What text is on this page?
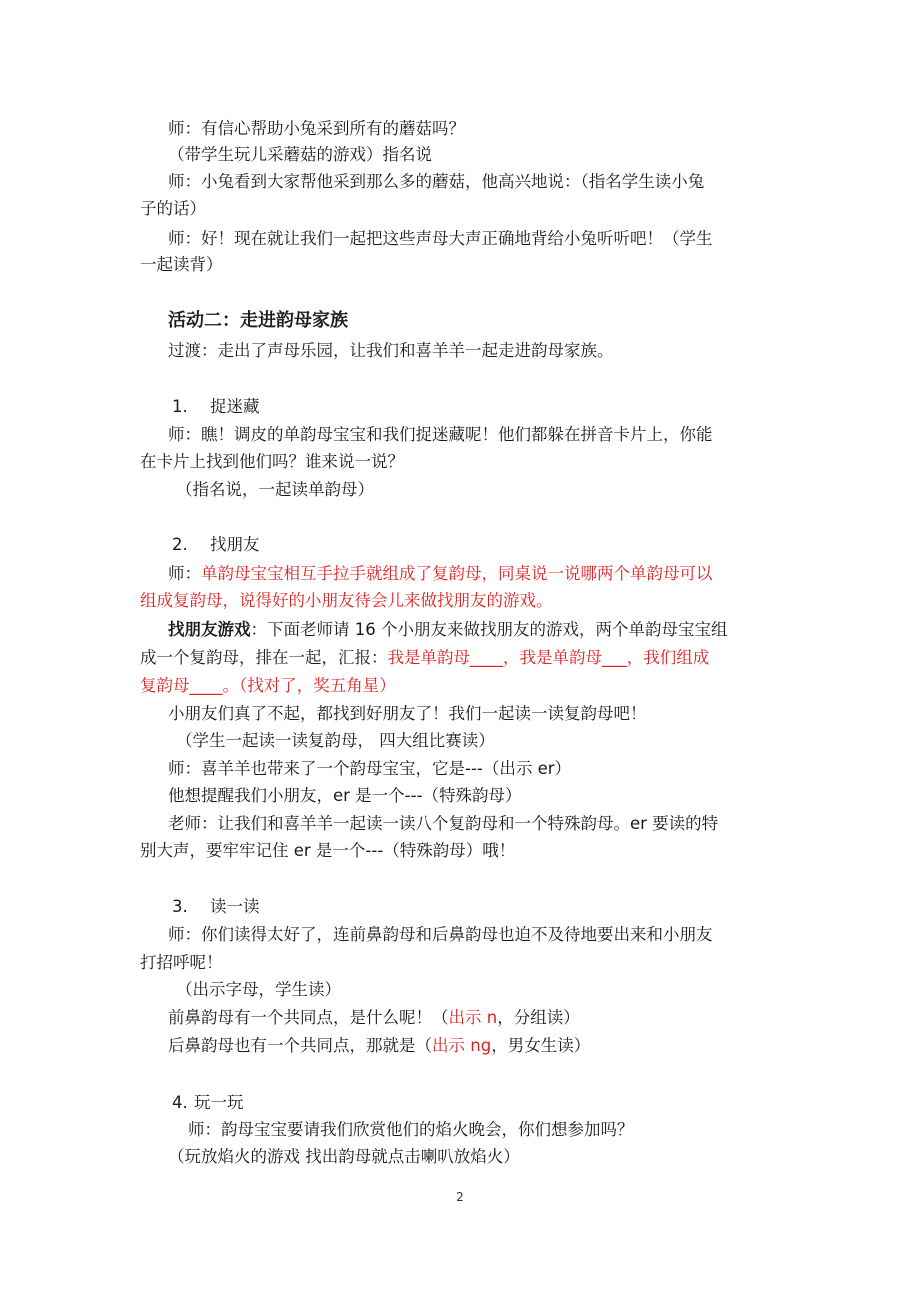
师：有信心帮助小兔采到所有的蘑菇吗？
（带学生玩儿采蘑菇的游戏）指名说
师：小兔看到大家帮他采到那么多的蘑菇，他高兴地说：（指名学生读小兔
子的话）
师：好！现在就让我们一起把这些声母大声正确地背给小兔听听吧！（学生
一起读背）
活动二：走进韵母家族
过渡：走出了声母乐园，让我们和喜羊羊一起走进韵母家族。
1. 捉迷藏
师：瞧！调皮的单韵母宝宝和我们捉迷藏呢！他们都躲在拼音卡片上，你能
在卡片上找到他们吗？谁来说一说？
（指名说，一起读单韵母）
2. 找朋友
师：单韵母宝宝相互手拉手就组成了复韵母，同桌说一说哪两个单韵母可以
组成复韵母，说得好的小朋友待会儿来做找朋友的游戏。
找朋友游戏：下面老师请 16 个小朋友来做找朋友的游戏，两个单韵母宝宝组
成一个复韵母，排在一起，汇报：我是单韵母____，我是单韵母___，我们组成
复韵母____。（找对了，奖五角星）
小朋友们真了不起，都找到好朋友了！我们一起读一读复韵母吧！
（学生一起读一读复韵母， 四大组比赛读）
师：喜羊羊也带来了一个韵母宝宝，它是---（出示 er）
他想提醒我们小朋友，er 是一个---（特殊韵母）
老师：让我们和喜羊羊一起读一读八个复韵母和一个特殊韵母。er 要读的特
别大声，要牢牢记住 er 是一个---（特殊韵母）哦！
3. 读一读
师：你们读得太好了，连前鼻韵母和后鼻韵母也迫不及待地要出来和小朋友
打招呼呢！
（出示字母，学生读）
前鼻韵母有一个共同点，是什么呢！（出示 n，分组读）
后鼻韵母也有一个共同点，那就是（出示 ng，男女生读）
4. 玩一玩
师：韵母宝宝要请我们欣赏他们的焰火晚会，你们想参加吗？
（玩放焰火的游戏 找出韵母就点击喇叭放焰火）
2
